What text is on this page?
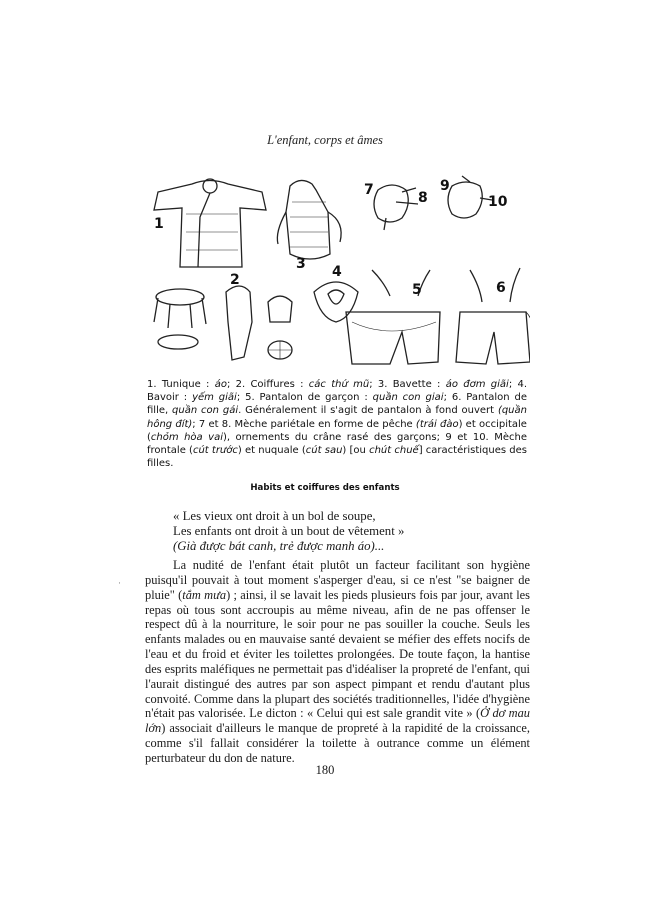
L'enfant, corps et âmes
1
2
3 4
5	6
7	8
9
10
1. Tunique : áo; 2. Coiffures : các thứ mũ; 3. Bavette : áo đơm giãi; 4. Bavoir : yếm giãi; 5. Pantalon de garçon : quần con giai; 6. Pantalon de fille, quần con gái. Généralement il s'agit de pantalon à fond ouvert (quần hông đít); 7 et 8. Mèche pariétale en forme de pêche (trái đào) et occipitale (chỏm hòa vai), ornements du crâne rasé des garçons; 9 et 10. Mèche frontale (cút trước) et nuquale (cút sau) [ou chút chuế] caractéristiques des filles.
Habits et coiffures des enfants
« Les vieux ont droit à un bol de soupe,
Les enfants ont droit à un bout de vêtement »
(Già được bát canh, trẻ được manh áo)...
·

La nudité de l'enfant était plutôt un facteur facilitant son hygiène puisqu'il pouvait à tout moment s'asperger d'eau, si ce n'est "se baigner de pluie" (tắm mưa) ; ainsi, il se lavait les pieds plusieurs fois par jour, avant les repas où tous sont accroupis au même niveau, afin de ne pas offenser le respect dû à la nourriture, le soir pour ne pas souiller la couche. Seuls les enfants malades ou en mauvaise santé devaient se méfier des effets nocifs de l'eau et du froid et éviter les toilettes prolongées. De toute façon, la hantise des esprits maléfiques ne permettait pas d'idéaliser la propreté de l'enfant, qui l'aurait distingué des autres par son aspect pimpant et rendu d'autant plus convoité. Comme dans la plupart des sociétés traditionnelles, l'idée d'hygiène n'était pas valorisée. Le dicton : « Celui qui est sale grandit vite » (Ở dơ mau lớn) associait d'ailleurs le manque de propreté à la rapidité de la croissance, comme s'il fallait considérer la toilette à outrance comme un élément perturbateur du don de nature.

180
